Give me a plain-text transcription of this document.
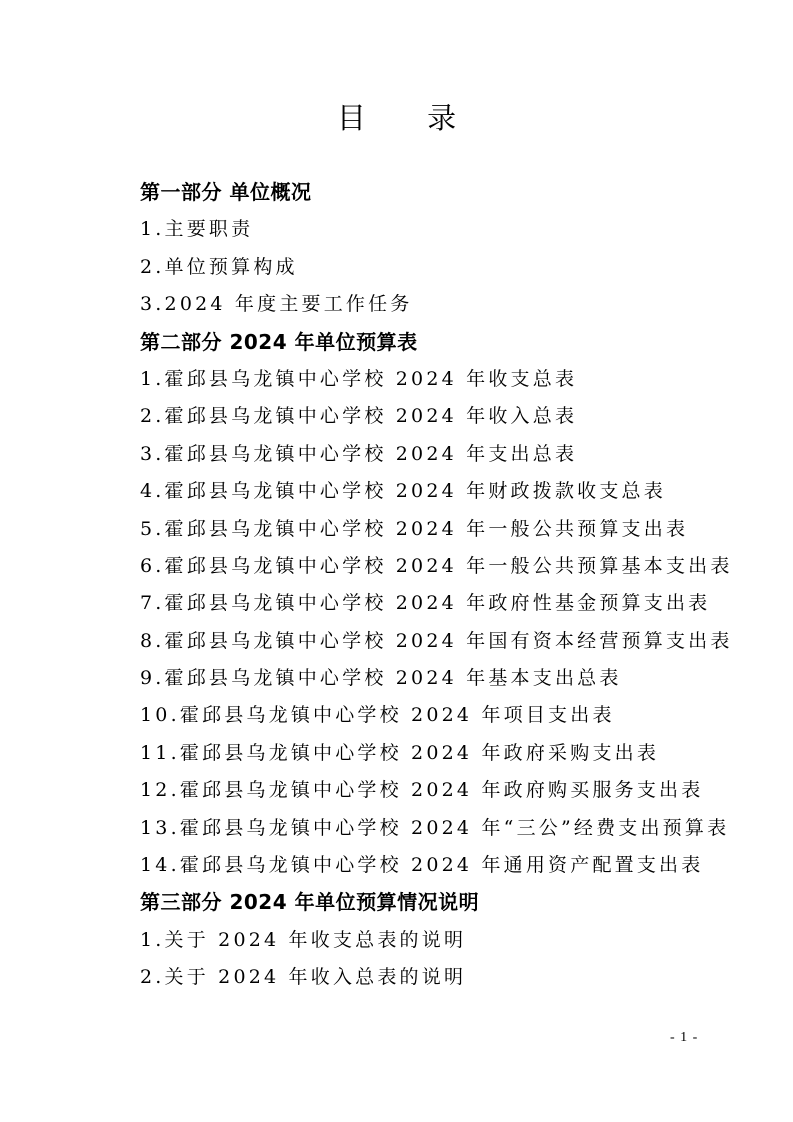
目 录
第一部分 单位概况
1.主要职责
2.单位预算构成
3.2024 年度主要工作任务
第二部分 2024 年单位预算表
1.霍邱县乌龙镇中心学校 2024 年收支总表
2.霍邱县乌龙镇中心学校 2024 年收入总表
3.霍邱县乌龙镇中心学校 2024 年支出总表
4.霍邱县乌龙镇中心学校 2024 年财政拨款收支总表
5.霍邱县乌龙镇中心学校 2024 年一般公共预算支出表
6.霍邱县乌龙镇中心学校 2024 年一般公共预算基本支出表
7.霍邱县乌龙镇中心学校 2024 年政府性基金预算支出表
8.霍邱县乌龙镇中心学校 2024 年国有资本经营预算支出表
9.霍邱县乌龙镇中心学校 2024 年基本支出总表
10.霍邱县乌龙镇中心学校 2024 年项目支出表
11.霍邱县乌龙镇中心学校 2024 年政府采购支出表
12.霍邱县乌龙镇中心学校 2024 年政府购买服务支出表
13.霍邱县乌龙镇中心学校 2024 年“三公”经费支出预算表
14.霍邱县乌龙镇中心学校 2024 年通用资产配置支出表
第三部分 2024 年单位预算情况说明
1.关于 2024 年收支总表的说明
2.关于 2024 年收入总表的说明
- 1 -
